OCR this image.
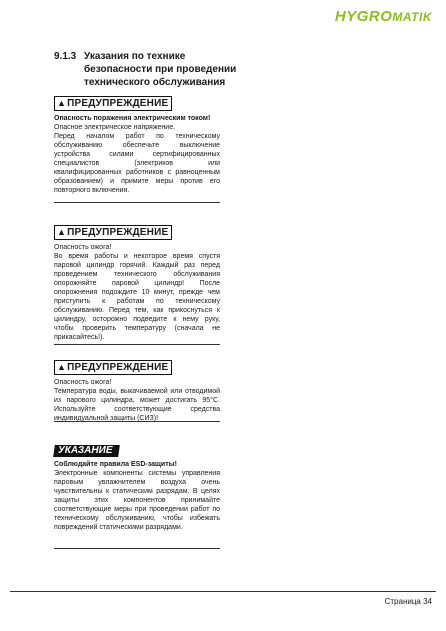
HYGROMATIK
9.1.3 Указания по технике безопасности при проведении технического обслуживания
▲ПРЕДУПРЕЖДЕНИЕ
Опасность поражения электрическим током!
Опасное электрическое напряжение.
Перед началом работ по техническому обслуживанию обеспечьте выключение устройства силами сертифицированных специалистов (электриков или квалифицированных работников с равноценным образованием) и примите меры против его повторного включения.
▲ПРЕДУПРЕЖДЕНИЕ
Опасность ожога!
Во время работы и некоторое время спустя паровой цилиндр горячий. Каждый раз перед проведением технического обслуживания опорожняйте паровой цилиндр! После опорожнения подождите 10 минут, прежде чем приступить к работам по техническому обслуживанию. Перед тем, как прикоснуться к цилиндру, осторожно подведите к нему руку, чтобы проверить температуру (сначала не прикасайтесь!).
▲ПРЕДУПРЕЖДЕНИЕ
Опасность ожога!
Температура воды, выкачиваемой или отводимой из парового цилиндра, может достигать 95°C. Используйте соответствующие средства индивидуальной защиты (СИЗ)!
УКАЗАНИЕ
Соблюдайте правила ESD-защиты!
Электронные компоненты системы управления паровым увлажнителем воздуха очень чувствительны к статическим разрядам. В целях защиты этих компонентов принимайте соответствующие меры при проведении работ по техническому обслуживанию, чтобы избежать повреждений статическими разрядами.
Страница 34
